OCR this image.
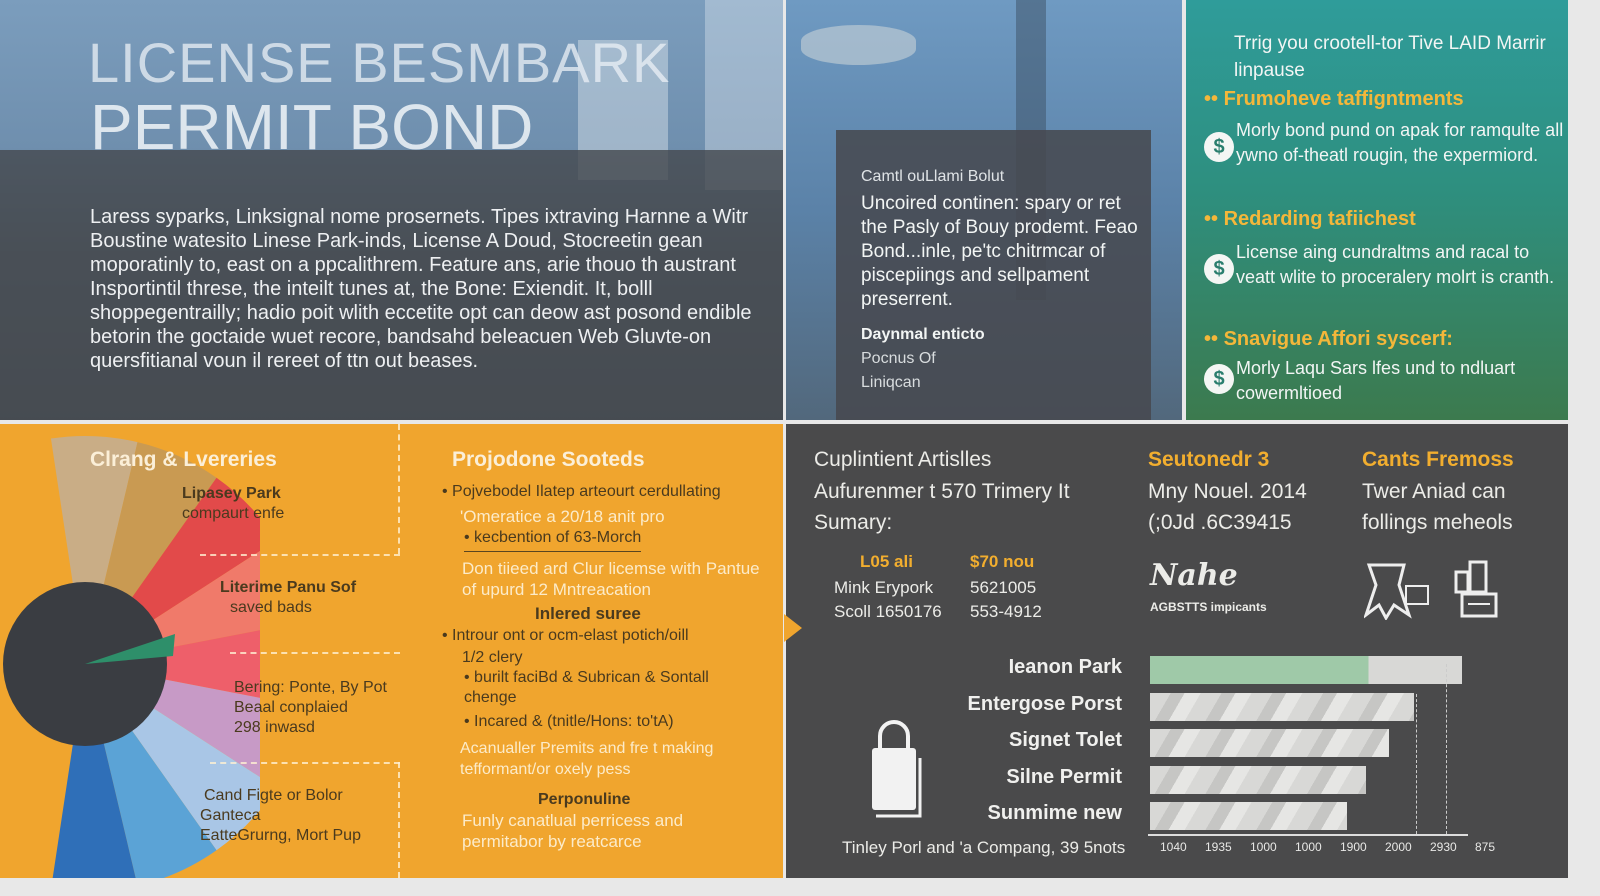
LICENSE BESMBARK
PERMIT BOND
Laress syparks, Linksignal nome prosernets. Tipes ixtraving Harnne a Witr Boustine watesito Linese Park-inds, License A Doud, Stocreetin gean moporatinly to, east on a ppcalithrem. Feature ans, arie thouo th austrant Insportintil threse, the inteilt tunes at, the Bone: Exiendit. It, bolll shoppegentrailly; hadio poit wlith eccetite opt can deow ast posond endible betorin the goctaide wuet recore, bandsahd beleacuen Web Gluvte-on quersfitianal voun il rereet of ttn out beases.
Camtl ouLlami Bolut
Uncoired continen: spary or ret the Pasly of Bouy prodemt. Feao Bond...inle, pe'tc chitrmcar of piscepiings and sellpament preserrent.
Daynmal enticto
Pocnus Of
Liniqcan
Trrig you crootell-tor Tive LAID Marrir linpause
•• Frumoheve taffigntments
$
Morly bond pund on apak for ramqulte all ywno of-theatl rougin, the expermiord.
•• Redarding tafiichest
$
License aing cundraltms and racal to veatt wlite to proceralery molrt is cranth.
•• Snavigue Affori syscerf:
$ Morly Laqu Sars lfes und to ndluart cowermltioed
Clrang & Lvereries
Lipasey Park
compaurt enfe
Literime Panu Sof
saved bads
Bering: Ponte, By Pot
Beaal conplaied
298 inwasd
Cand Figte or Bolor
Ganteca
EatteGrurng, Mort Pup
Projodone Sooteds
• Pojvebodel Ilatep arteourt cerdullating
'Omeratice a 20/18 anit pro
• kecbention of 63-Morch
Don tiieed ard Clur licemse with Pantue of upurd 12 Mntreacation
Inlered suree
• Introur ont or ocm-elast potich/oill
1/2 clery
• burilt faciBd & Subrican & Sontall chenge
• Incared & (tnitle/Hons: to'tA)
Acanualler Premits and fre t making tefformant/or oxely pess
Perponuline
Funly canatlual perricess and permitabor by reatcarce
Cuplintient Artislles
Aufurenmer t 570 Trimery It
Sumary:
L05 ali
Mink Erypork
Scoll 1650176
$70 nou
5621005
553-4912
Seutonedr 3
Mny Nouel. 2014
(;0Jd .6C39415
Nahe
AGBSTTS impicants
Cants Fremoss
Twer Aniad can
follings meheols
Ieanon Park
Entergose Porst
Signet Tolet
Silne Permit
Sunmime new
1040 1935 1000 1000 1900 2000 2930 875
Tinley Porl and 'a Compang, 39 5nots
